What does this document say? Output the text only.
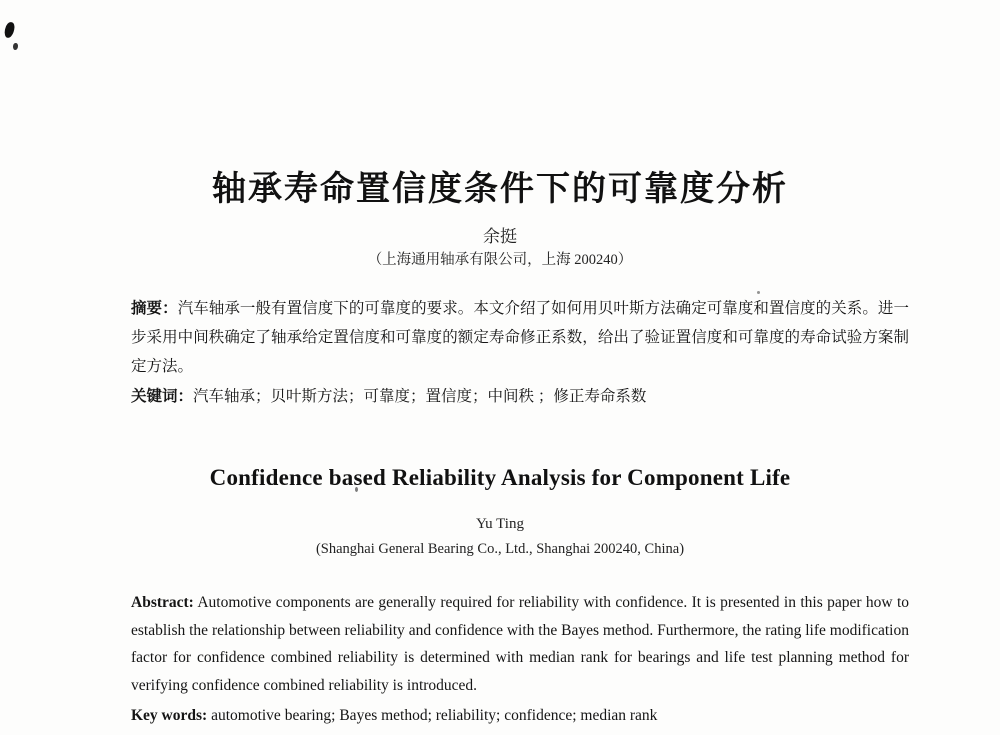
轴承寿命置信度条件下的可靠度分析
余挺
（上海通用轴承有限公司，上海 200240）

摘要：汽车轴承一般有置信度下的可靠度的要求。本文介绍了如何用贝叶斯方法确定可靠度和置信度的关系。进一步采用中间秩确定了轴承给定置信度和可靠度的额定寿命修正系数，给出了验证置信度和可靠度的寿命试验方案制定方法。

关键词：汽车轴承；贝叶斯方法；可靠度；置信度；中间秩 ；修正寿命系数

Confidence based Reliability Analysis for Component Life
Yu Ting
(Shanghai General Bearing Co., Ltd., Shanghai 200240, China)

Abstract: Automotive components are generally required for reliability with confidence. It is presented in this paper how to establish the relationship between reliability and confidence with the Bayes method. Furthermore, the rating life modification factor for confidence combined reliability is determined with median rank for bearings and life test planning method for verifying confidence combined reliability is introduced.

Key words: automotive bearing; Bayes method; reliability; confidence; median rank
